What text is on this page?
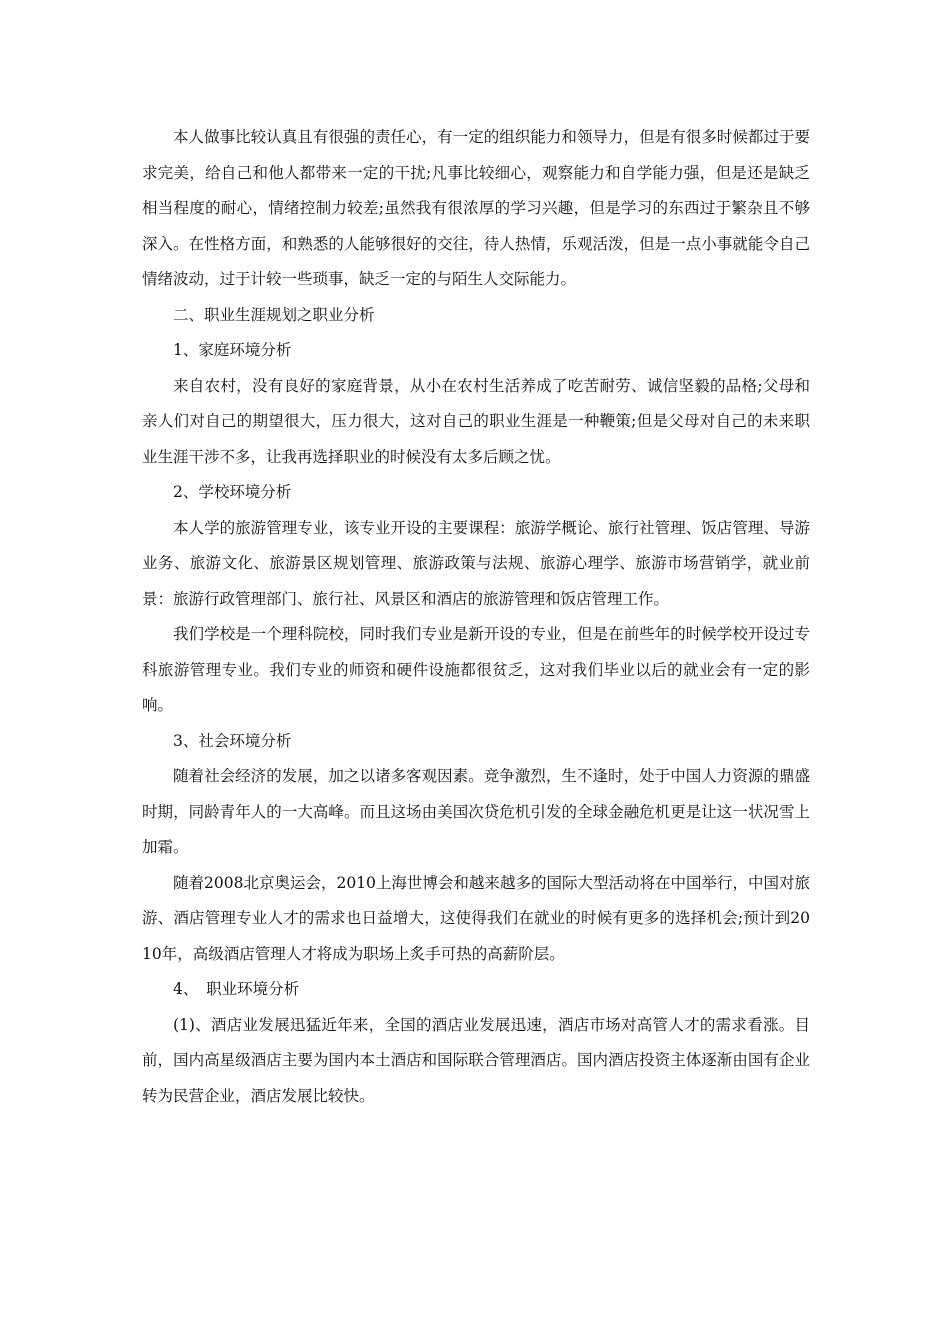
本人做事比较认真且有很强的责任心，有一定的组织能力和领导力，但是有很多时候都过于要求完美，给自己和他人都带来一定的干扰;凡事比较细心，观察能力和自学能力强，但是还是缺乏相当程度的耐心，情绪控制力较差;虽然我有很浓厚的学习兴趣，但是学习的东西过于繁杂且不够深入。在性格方面，和熟悉的人能够很好的交往，待人热情，乐观活泼，但是一点小事就能令自己情绪波动，过于计较一些琐事，缺乏一定的与陌生人交际能力。

二、职业生涯规划之职业分析

1、家庭环境分析

来自农村，没有良好的家庭背景，从小在农村生活养成了吃苦耐劳、诚信坚毅的品格;父母和亲人们对自己的期望很大，压力很大，这对自己的职业生涯是一种鞭策;但是父母对自己的未来职业生涯干涉不多，让我再选择职业的时候没有太多后顾之忧。

2、学校环境分析

本人学的旅游管理专业，该专业开设的主要课程：旅游学概论、旅行社管理、饭店管理、导游业务、旅游文化、旅游景区规划管理、旅游政策与法规、旅游心理学、旅游市场营销学，就业前景：旅游行政管理部门、旅行社、风景区和酒店的旅游管理和饭店管理工作。

我们学校是一个理科院校，同时我们专业是新开设的专业，但是在前些年的时候学校开设过专科旅游管理专业。我们专业的师资和硬件设施都很贫乏，这对我们毕业以后的就业会有一定的影响。

3、社会环境分析

随着社会经济的发展，加之以诸多客观因素。竞争激烈，生不逢时，处于中国人力资源的鼎盛时期，同龄青年人的一大高峰。而且这场由美国次贷危机引发的全球金融危机更是让这一状况雪上加霜。

随着2008北京奥运会，2010上海世博会和越来越多的国际大型活动将在中国举行，中国对旅游、酒店管理专业人才的需求也日益增大，这使得我们在就业的时候有更多的选择机会;预计到2010年，高级酒店管理人才将成为职场上炙手可热的高薪阶层。

4、　职业环境分析

(1)、酒店业发展迅猛近年来，全国的酒店业发展迅速，酒店市场对高管人才的需求看涨。目前，国内高星级酒店主要为国内本土酒店和国际联合管理酒店。国内酒店投资主体逐渐由国有企业转为民营企业，酒店发展比较快。
